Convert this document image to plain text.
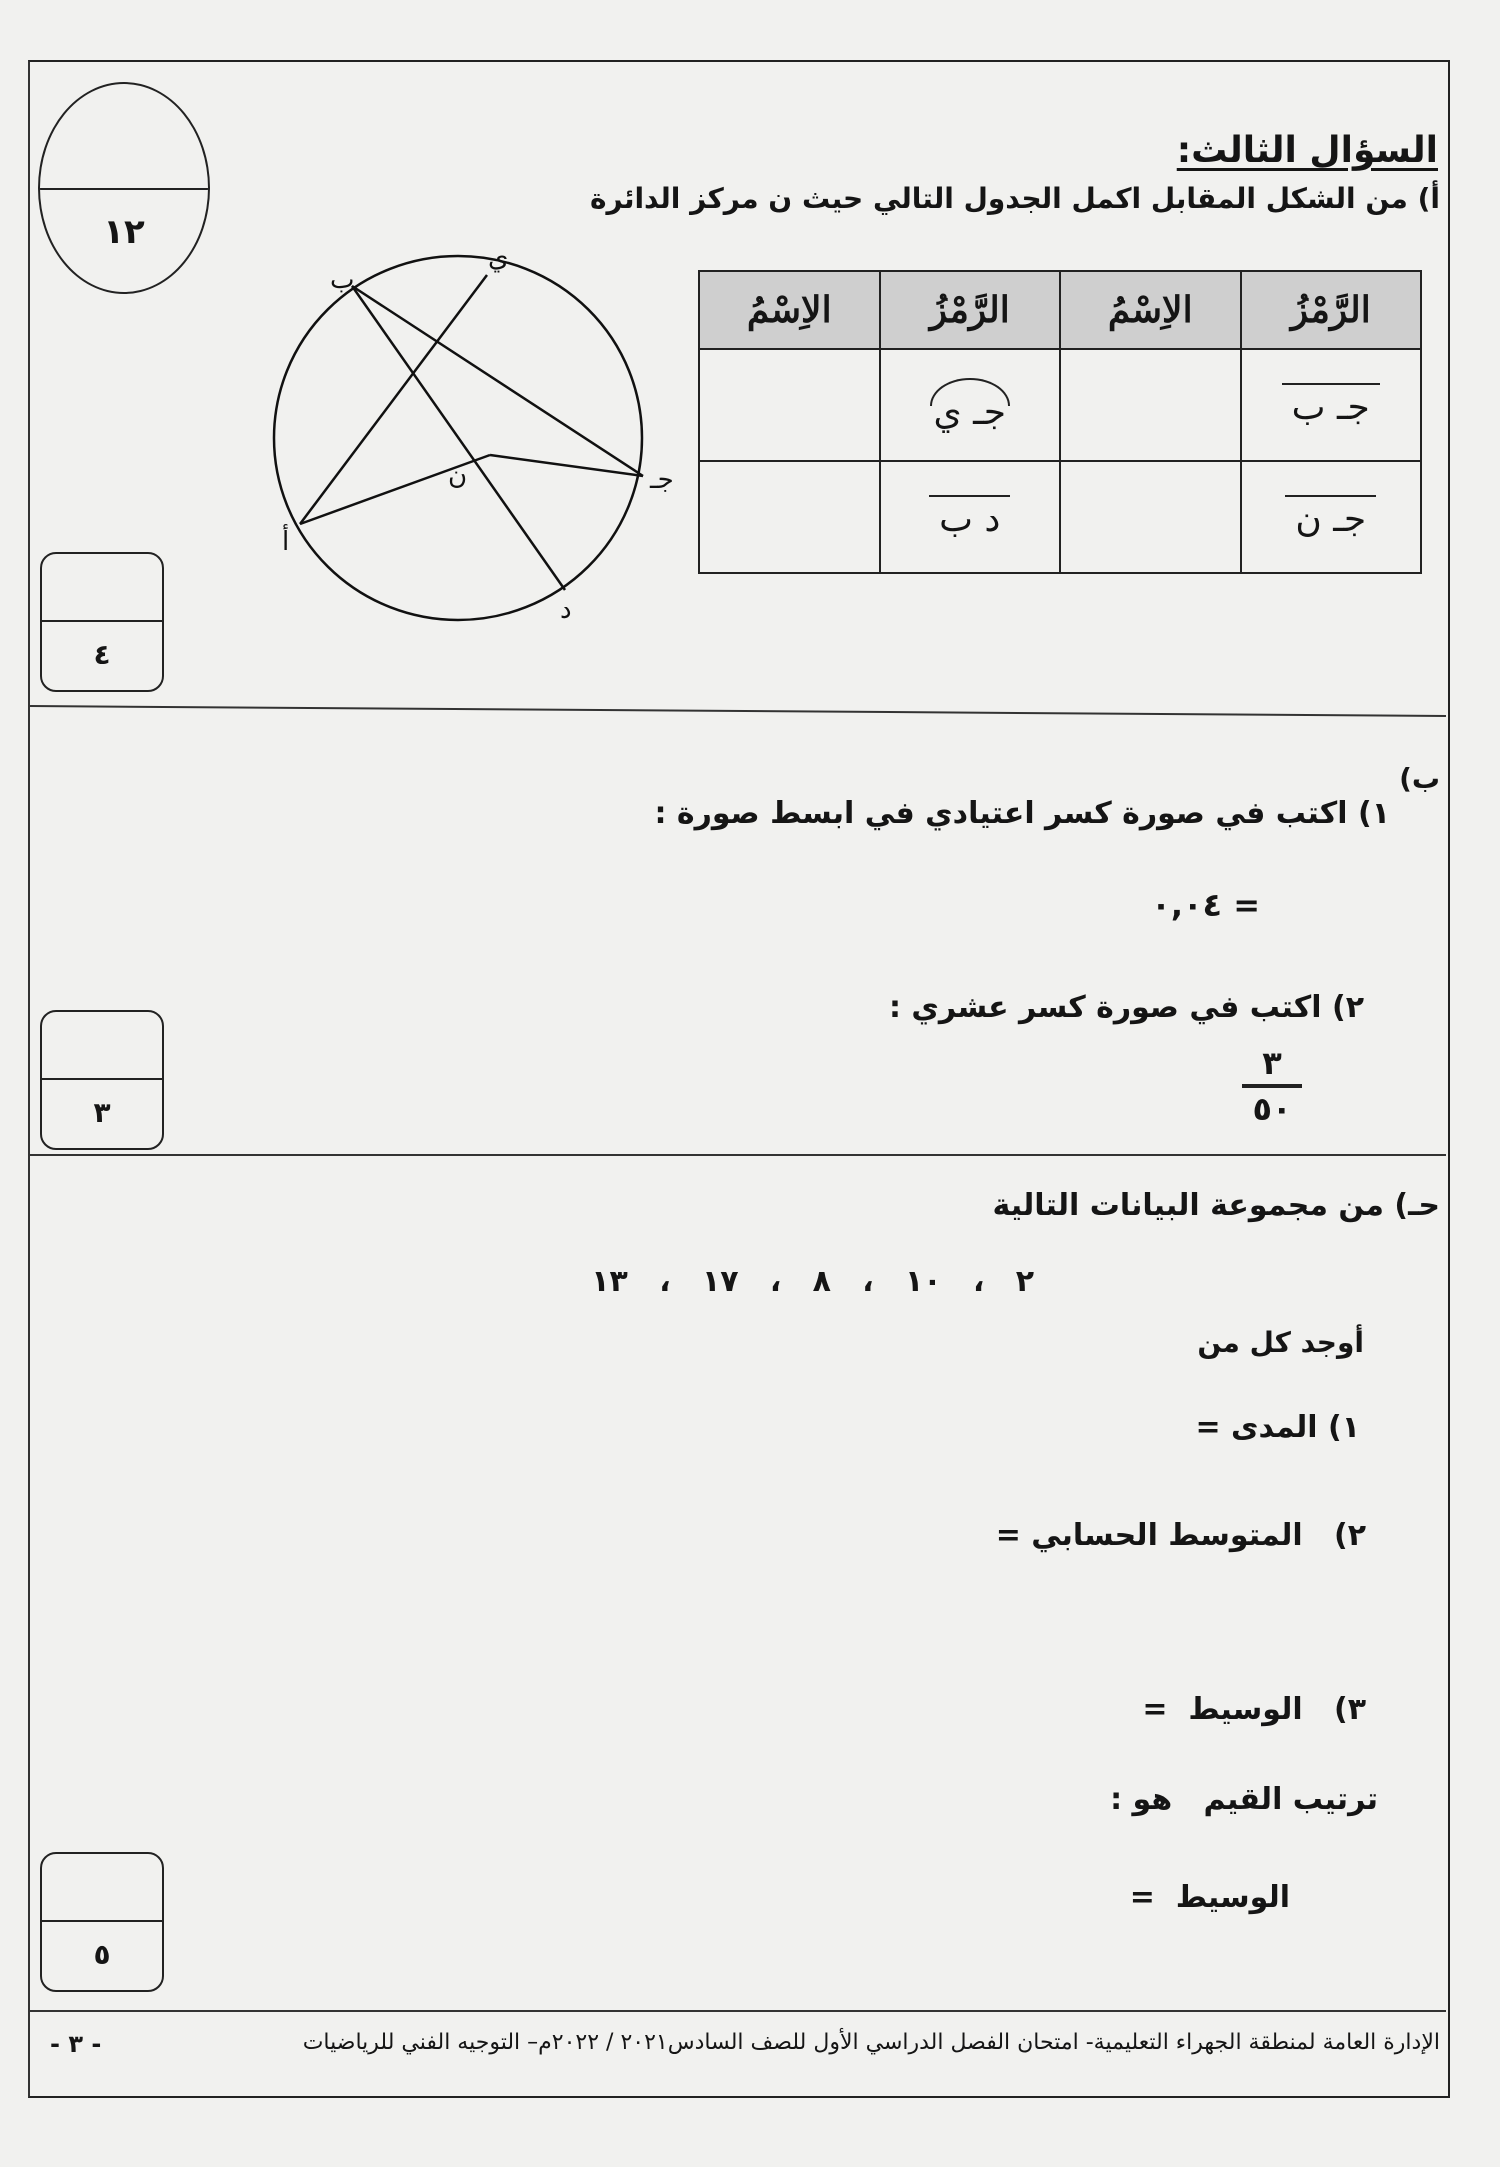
١٢
السؤال الثالث:
أ) من الشكل المقابل اكمل الجدول التالي حيث ن مركز الدائرة
ب
ي
ن	جـ
أ
د
الرَّمْزُ	الاِسْمُ	الرَّمْزُ	الاِسْمُ
جـ ب		جـ ي	
جـ ن		د ب	
٤
ب)
١) اكتب في صورة كسر اعتيادي في ابسط صورة :
٠,٠٤ =
٢) اكتب في صورة كسر عشري :
٣
٥٠
٣
حـ) من مجموعة البيانات التالية
٢   ،   ١٠   ،   ٨   ،   ١٧   ،   ١٣
أوجد كل من
١) المدى =
٢)   المتوسط الحسابي =
٣)   الوسيط  =
ترتيب القيم   هو :
الوسيط  =
٥
الإدارة العامة لمنطقة الجهراء التعليمية- امتحان الفصل الدراسي الأول للصف السادس٢٠٢١ / ٢٠٢٢م– التوجيه الفني للرياضيات
- ٣ -
